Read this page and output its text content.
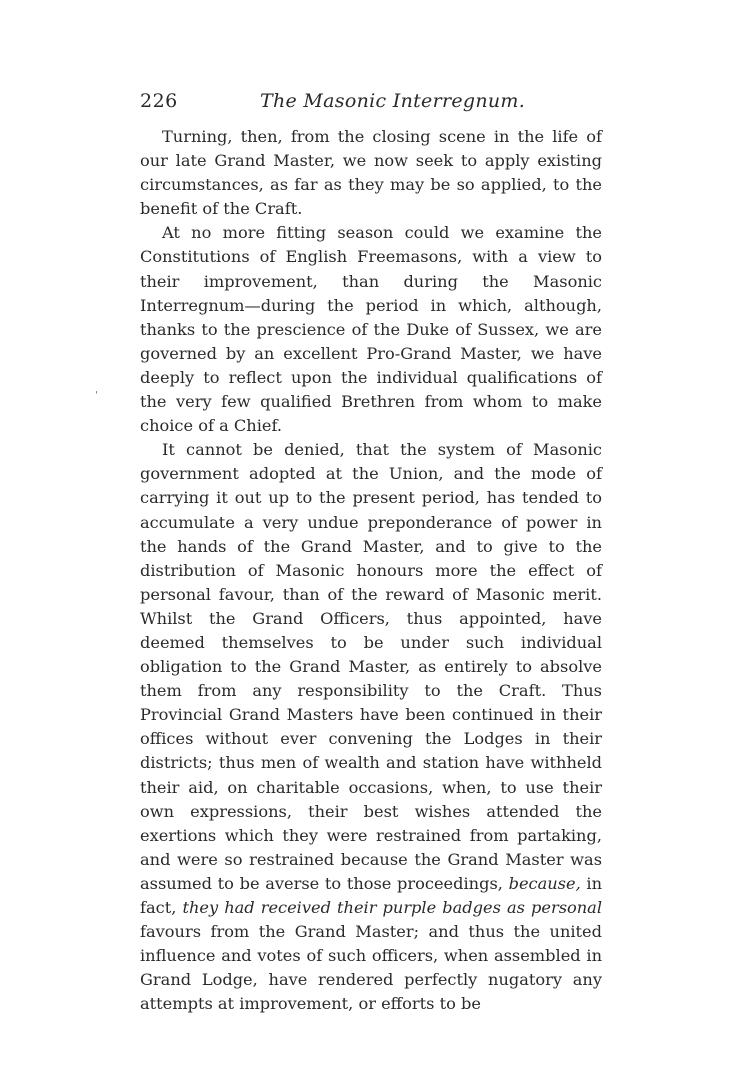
226	The Masonic Interregnum.
ˌ

Turning, then, from the closing scene in the life of our late Grand Master, we now seek to apply existing circumstances, as far as they may be so applied, to the benefit of the Craft.

At no more fitting season could we examine the Constitutions of English Freemasons, with a view to their improvement, than during the Masonic Interregnum—during the period in which, although, thanks to the prescience of the Duke of Sussex, we are governed by an excellent Pro-Grand Master, we have deeply to reflect upon the individual qualifications of the very few qualified Brethren from whom to make choice of a Chief.

It cannot be denied, that the system of Masonic government adopted at the Union, and the mode of carrying it out up to the present period, has tended to accumulate a very undue preponderance of power in the hands of the Grand Master, and to give to the distribution of Masonic honours more the effect of personal favour, than of the reward of Masonic merit. Whilst the Grand Officers, thus appointed, have deemed themselves to be under such individual obligation to the Grand Master, as entirely to absolve them from any responsibility to the Craft. Thus Provincial Grand Masters have been continued in their offices without ever convening the Lodges in their districts; thus men of wealth and station have withheld their aid, on charitable occasions, when, to use their own expressions, their best wishes attended the exertions which they were restrained from partaking, and were so restrained because the Grand Master was assumed to be averse to those proceedings, because, in fact, they had received their purple badges as personal favours from the Grand Master; and thus the united influence and votes of such officers, when assembled in Grand Lodge, have rendered perfectly nugatory any attempts at improvement, or efforts to be
